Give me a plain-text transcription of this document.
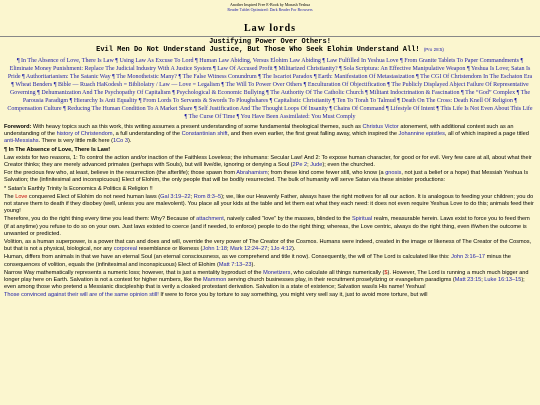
Another Inspired Free E-Book by Monash Yeshua
Reader Tablet Optimized: Dark Reader For Browsers
Law lords
Justifying Power Over Others!
Evil Men Do Not Understand Justice, But Those Who Seek Elohim Understand All! (Pro 28:5)
¶ In The Absence of Love, There Is Law ¶ Using Law As Excuse To Lord ¶ Human Law Abiding, Versus Elohim Law Abiding ¶ Law Fulfilled In Yeshua Love ¶ From Granite Tablets To Paper Commandments ¶ Eliminate Money Punishment: Replace The Judicial Industry With A Justice System ¶ Law Of Accused Profit ¶ Militarized Christianity? ¶ Sola Scriptura: An Effective Manipulative Weapon ¶ Yeshua Is Love; Satan Is Pride ¶ Authoritarianism: The Satanic Way ¶ The Monotheistic Many? ¶ The False Witness Conundrum ¶ The Iscariot Paradox ¶ Earth: Manifestation Of Metastasization ¶ The CGI Of Christendom In The Eschaton Era ¶ Wheat Benders ¶ Bible — Ruach HaKodesh = Bibliolatry / Law — Love = Legalism ¶ The Will To Power Over Others ¶ Enculturation Of Objectification ¶ The Publicly Displayed Abject Failure Of Representative Governing ¶ Dehumanization And The Psychopathy Of Capitalism ¶ Psychological & Economic Bullying ¶ The Authority Of The Catholic Church ¶ Militant Indoctrination & Fascination ¶ The “God” Complex ¶ The Parousia Paradigm ¶ Hierarchy Is Anti Equality ¶ From Lords To Servants & Swords To Ploughshares ¶ Capitalistic Christianity ¶ Ten To Torah To Talmud ¶ Death On The Cross: Death Knell Of Religion ¶ Compensation Culture ¶ Reducing The Human Condition To A Market Share ¶ Self Justification And The Thought Loops Of Insanity ¶ Chains Of Command ¶ Lifestyle Of Intent ¶ This Life Is Not Even About This Life ¶ The Curse Of Time ¶ You Have Been Assimilated: You Must Comply

Foreword: With heavy topics such as this work, this writing assumes a present understanding of some fundamental theological themes, such as Christus Victor atonement, with additional context such as an understanding of the history of Christendom, a full understanding of the Constantinian shift, and then even earlier, the first great falling away, which inspired the Johannine epistles, all of which inspired a page titled anti-Messiahs. There is very little milk here (1Co 3).

¶ In The Absence of Love, There Is Law!

Law exists for two reasons, 1: To control the action and/or inaction of the Faithless Loveless; the inhumans: Secular Law! And 2: To expose human character, for good or for evil. Very few care at all, about what their Creator thinks; they are merely advanced primates (perhaps with Souls), but will live/die, ignoring or denying a Soul (2Pe 2; Jude); even the churched.

For the precious few who, at least, believe in the resurrection (the afterlife); those spawn from Abrahamism; from these kind come fewer still, who know (a gnosis, not just a belief or a hope) that Messiah Yeshua Is Salvation; the (infinitesimal and inconspicuous) Elect of Elohim, the only people that will be bodily resurrected. The bulk of humanity will serve Satan via these sinister productions:

* Satan's Earthly Trinity Is Economics & Politics & Religion !!

The Love conquered Elect of Elohim do not need human laws (Gal 3:19–22; Rom 8:3–5); we, like our Heavenly Father, always have the right motives for all our action. It is analogous to feeding your children; you do not starve them to death if they disobey (well, unless you are malevolent). You place all your kids at the table and let them eat what they each need: it does not even require Yeshua Love to do this; animals feed their young!

Therefore, you do the right thing every time you lead them: Why? Because of attachment, naively called “love” by the masses, blinded to the Spiritual realm, measurable herein. Laws exist to force you to feed them (if at anytime) you refuse to do so on your own. Just laws existed to coerce (and if needed, to enforce) people to do the right thing; whereas, the Love centric, always do the right thing, even if/when the outcome is unwanted or predicted.

Volition, as a human superpower, is a power that can and does and will, override the very power of The Creator of the Cosmos. Humans were indeed, created in the image or likeness of The Creator of the Cosmos, but that is not a physical, biological, nor any corporeal resemblance or likeness (John 1:18; Mark 12:24–27; 1Jo 4:12).

Human, differs from animals in that we have an eternal Soul (an eternal consciousness, as we comprehend and title it now). Consequently, the will of The Lord is calculated like this: John 3:16–17 minus the consequences of volition, equals the (infinitesimal and inconspicuous) Elect of Elohim (Matt 7:13–23).

Narrow Way mathematically represents a numeric loss; however, that is just a mentality byproduct of the Monetizers, who calculate all things numerically ($). However, The Lord is running a much much bigger and longer play here on Earth. Salvation is not a contest for higher numbers, like the Mammon serving church businesses play, in their recruitment proselytizing or evangelism paradigms (Matt 23:15; Luke 16:13–15); even among those who pretend a Messianic discipleship that is verily a cloaked protestant derivation. Salvation is a state of existence; Salvation was/is His name! Yeshua!

Those convinced against their will are of the same opinion still! If were to force you by torture to say something, you might very well say it, just to avoid more torture, but will
